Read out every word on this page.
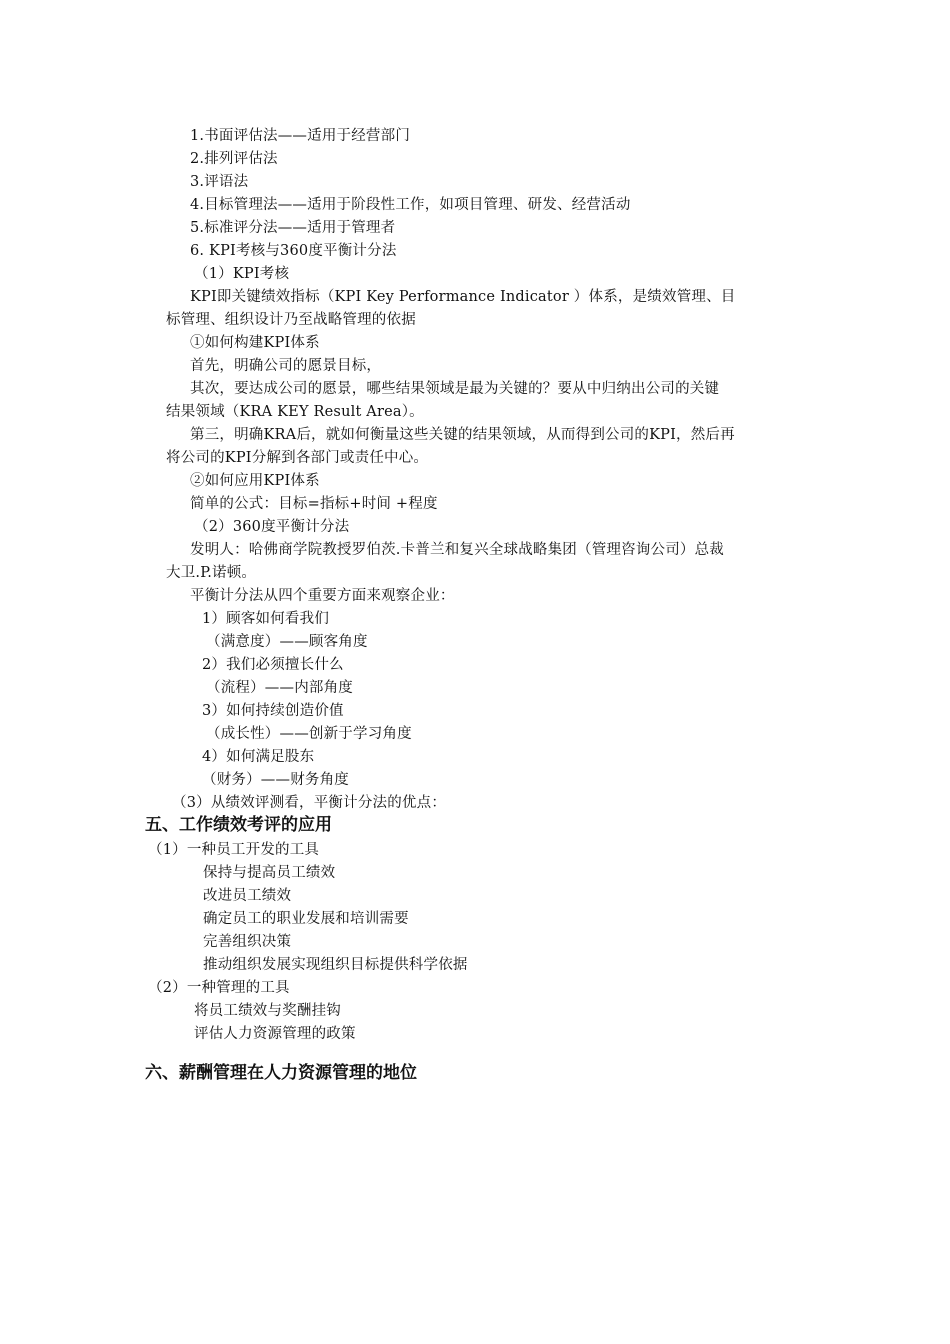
1.书面评估法——适用于经营部门
2.排列评估法
3.评语法
4.目标管理法——适用于阶段性工作，如项目管理、研发、经营活动
5.标准评分法——适用于管理者
6. KPI考核与360度平衡计分法
（1）KPI考核
KPI即关键绩效指标（KPI Key Performance Indicator ）体系，是绩效管理、目
标管理、组织设计乃至战略管理的依据
①如何构建KPI体系
首先，明确公司的愿景目标，
其次，要达成公司的愿景，哪些结果领域是最为关键的？要从中归纳出公司的关键
结果领域（KRA KEY Result Area）。
第三，明确KRA后，就如何衡量这些关键的结果领域，从而得到公司的KPI，然后再
将公司的KPI分解到各部门或责任中心。
②如何应用KPI体系
简单的公式：目标=指标+时间 +程度
（2）360度平衡计分法
发明人：哈佛商学院教授罗伯茨.卡普兰和复兴全球战略集团（管理咨询公司）总裁
大卫.P.诺顿。
平衡计分法从四个重要方面来观察企业：
1）顾客如何看我们
（满意度）——顾客角度
2）我们必须擅长什么
（流程）——内部角度
3）如何持续创造价值
（成长性）——创新于学习角度
4）如何满足股东
（财务）——财务角度
（3）从绩效评测看，平衡计分法的优点：
五、工作绩效考评的应用
（1）一种员工开发的工具
保持与提高员工绩效
改进员工绩效
确定员工的职业发展和培训需要
完善组织决策
推动组织发展实现组织目标提供科学依据
（2）一种管理的工具
将员工绩效与奖酬挂钩
评估人力资源管理的政策
六、薪酬管理在人力资源管理的地位
